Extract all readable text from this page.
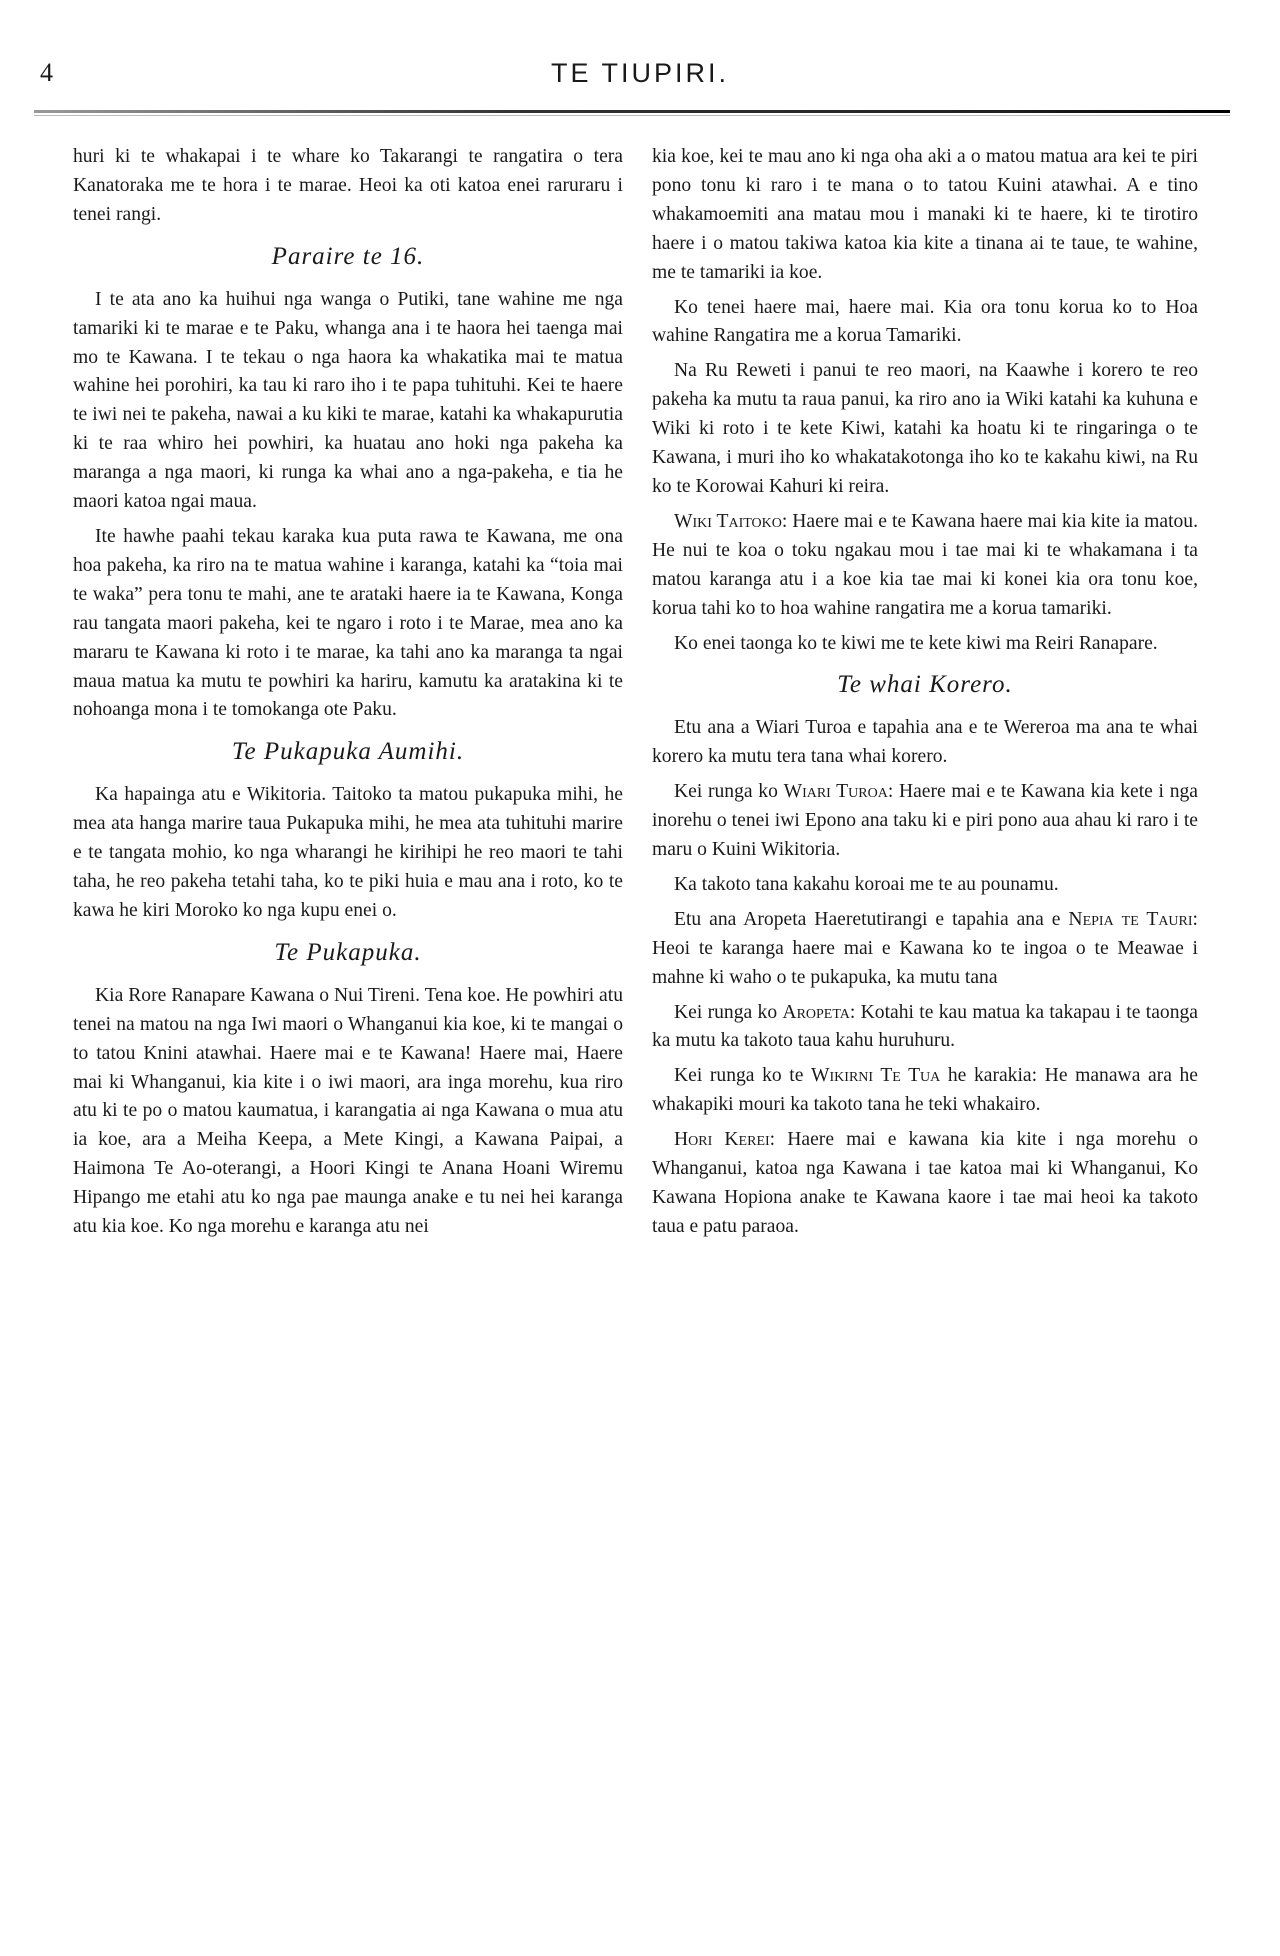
4	TE TIUPIRI.

huri ki te whakapai i te whare ko Takarangi te rangatira o tera Kanatoraka me te hora i te marae. Heoi ka oti katoa enei raruraru i tenei rangi.

Paraire te 16.

I te ata ano ka huihui nga wanga o Putiki, tane wahine me nga tamariki ki te marae e te Paku, whanga ana i te haora hei taenga mai mo te Kawana. I te tekau o nga haora ka whakatika mai te matua wahine hei porohiri, ka tau ki raro iho i te papa tuhituhi. Kei te haere te iwi nei te pakeha, nawai a ku kiki te marae, katahi ka whakapurutia ki te raa whiro hei powhiri, ka huatau ano hoki nga pakeha ka maranga a nga maori, ki runga ka whai ano a nga-pakeha, e tia he maori katoa ngai maua.

Ite hawhe paahi tekau karaka kua puta rawa te Kawana, me ona hoa pakeha, ka riro na te matua wahine i karanga, katahi ka “toia mai te waka” pera tonu te mahi, ane te arataki haere ia te Kawana, Konga rau tangata maori pakeha, kei te ngaro i roto i te Marae, mea ano ka mararu te Kawana ki roto i te marae, ka tahi ano ka maranga ta ngai maua matua ka mutu te powhiri ka hariru, kamutu ka aratakina ki te nohoanga mona i te tomokanga ote Paku.

Te Pukapuka Aumihi.

Ka hapainga atu e Wikitoria. Taitoko ta matou pukapuka mihi, he mea ata hanga marire taua Pukapuka mihi, he mea ata tuhituhi marire e te tangata mohio, ko nga wharangi he kirihipi he reo maori te tahi taha, he reo pakeha tetahi taha, ko te piki huia e mau ana i roto, ko te kawa he kiri Moroko ko nga kupu enei o.

Te Pukapuka.

Kia Rore Ranapare Kawana o Nui Tireni. Tena koe. He powhiri atu tenei na matou na nga Iwi maori o Whanganui kia koe, ki te mangai o to tatou Knini atawhai. Haere mai e te Kawana! Haere mai, Haere mai ki Whanganui, kia kite i o iwi maori, ara inga morehu, kua riro atu ki te po o matou kaumatua, i karangatia ai nga Kawana o mua atu ia koe, ara a Meiha Keepa, a Mete Kingi, a Kawana Paipai, a Haimona Te Ao-oterangi, a Hoori Kingi te Anana Hoani Wiremu Hipango me etahi atu ko nga pae maunga anake e tu nei hei karanga atu kia koe. Ko nga morehu e karanga atu nei

kia koe, kei te mau ano ki nga oha aki a o matou matua ara kei te piri pono tonu ki raro i te mana o to tatou Kuini atawhai. A e tino whakamoemiti ana matau mou i manaki ki te haere, ki te tirotiro haere i o matou takiwa katoa kia kite a tinana ai te taue, te wahine, me te tamariki ia koe.

Ko tenei haere mai, haere mai. Kia ora tonu korua ko to Hoa wahine Rangatira me a korua Tamariki.

Na Ru Reweti i panui te reo maori, na Kaawhe i korero te reo pakeha ka mutu ta raua panui, ka riro ano ia Wiki katahi ka kuhuna e Wiki ki roto i te kete Kiwi, katahi ka hoatu ki te ringaringa o te Kawana, i muri iho ko whakatakotonga iho ko te kakahu kiwi, na Ru ko te Korowai Kahuri ki reira.

Wiki Taitoko: Haere mai e te Kawana haere mai kia kite ia matou. He nui te koa o toku ngakau mou i tae mai ki te whakamana i ta matou karanga atu i a koe kia tae mai ki konei kia ora tonu koe, korua tahi ko to hoa wahine rangatira me a korua tamariki.

Ko enei taonga ko te kiwi me te kete kiwi ma Reiri Ranapare.

Te whai Korero.

Etu ana a Wiari Turoa e tapahia ana e te Wereroa ma ana te whai korero ka mutu tera tana whai korero.

Kei runga ko Wiari Turoa: Haere mai e te Kawana kia kete i nga inorehu o tenei iwi Epono ana taku ki e piri pono aua ahau ki raro i te maru o Kuini Wikitoria.

Ka takoto tana kakahu koroai me te au pounamu.

Etu ana Aropeta Haeretutirangi e tapahia ana e Nepia te Tauri: Heoi te karanga haere mai e Kawana ko te ingoa o te Meawae i mahne ki waho o te pukapuka, ka mutu tana

Kei runga ko Aropeta: Kotahi te kau matua ka takapau i te taonga ka mutu ka takoto taua kahu huruhuru.

Kei runga ko te Wikirni Te Tua he karakia: He manawa ara he whakapiki mouri ka takoto tana he teki whakairo.

Hori Kerei: Haere mai e kawana kia kite i nga morehu o Whanganui, katoa nga Kawana i tae katoa mai ki Whanganui, Ko Kawana Hopiona anake te Kawana kaore i tae mai heoi ka takoto taua e patu paraoa.
